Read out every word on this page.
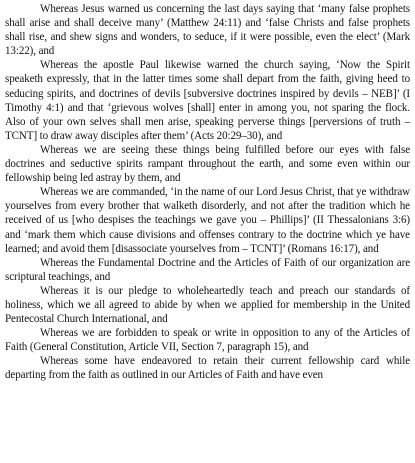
Whereas Jesus warned us concerning the last days saying that ‘many false prophets shall arise and shall deceive many’ (Matthew 24:11) and ‘false Christs and false prophets shall rise, and shew signs and wonders, to seduce, if it were possible, even the elect’ (Mark 13:22), and

Whereas the apostle Paul likewise warned the church saying, ‘Now the Spirit speaketh expressly, that in the latter times some shall depart from the faith, giving heed to seducing spirits, and doctrines of devils [subversive doctrines inspired by devils – NEB]’ (I Timothy 4:1) and that ‘grievous wolves [shall] enter in among you, not sparing the flock. Also of your own selves shall men arise, speaking perverse things [perversions of truth – TCNT] to draw away disciples after them’ (Acts 20:29–30), and

Whereas we are seeing these things being fulfilled before our eyes with false doctrines and seductive spirits rampant throughout the earth, and some even within our fellowship being led astray by them, and

Whereas we are commanded, ‘in the name of our Lord Jesus Christ, that ye withdraw yourselves from every brother that walketh disorderly, and not after the tradition which he received of us [who despises the teachings we gave you – Phillips]’ (II Thessalonians 3:6) and ‘mark them which cause divisions and offenses contrary to the doctrine which ye have learned; and avoid them [disassociate yourselves from – TCNT]’ (Romans 16:17), and

Whereas the Fundamental Doctrine and the Articles of Faith of our organization are scriptural teachings, and

Whereas it is our pledge to wholeheartedly teach and preach our standards of holiness, which we all agreed to abide by when we applied for membership in the United Pentecostal Church International, and

Whereas we are forbidden to speak or write in opposition to any of the Articles of Faith (General Constitution, Article VII, Section 7, paragraph 15), and

Whereas some have endeavored to retain their current fellowship card while departing from the faith as outlined in our Articles of Faith and have even
